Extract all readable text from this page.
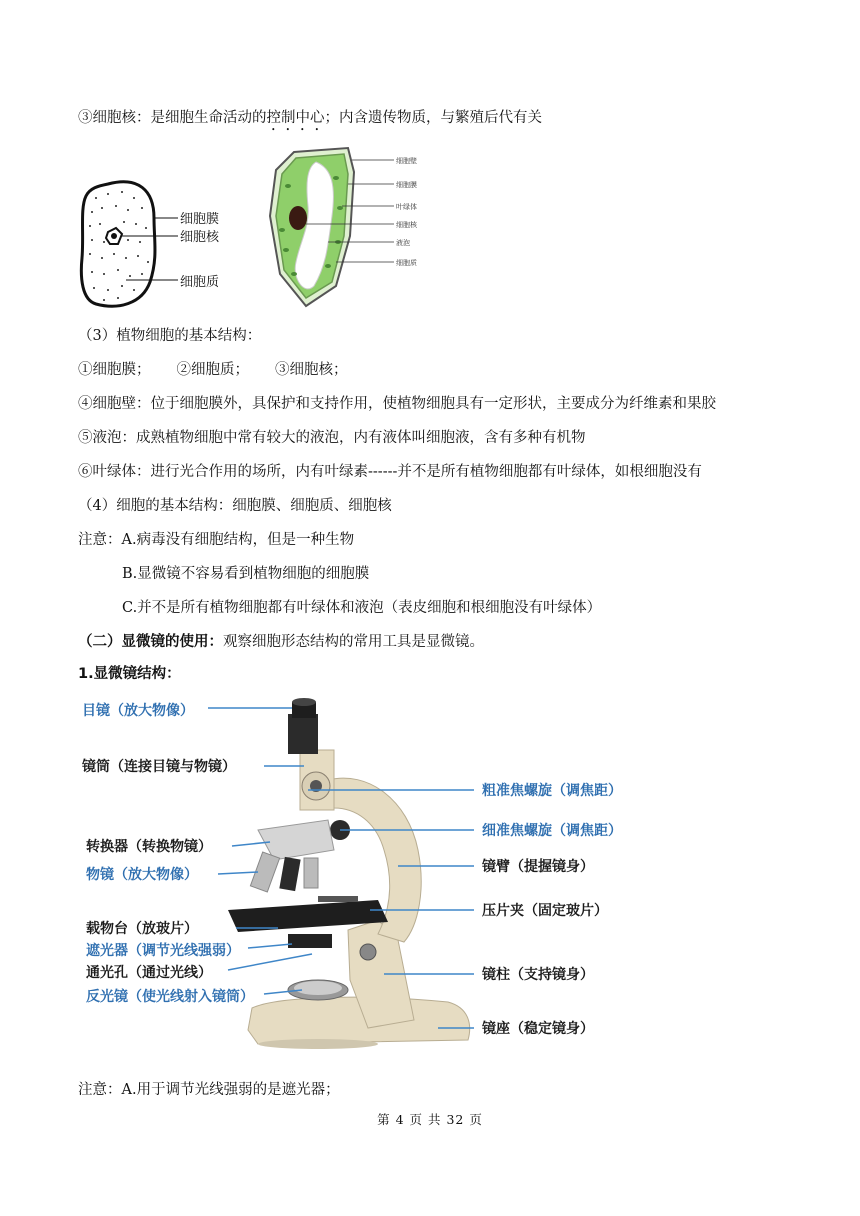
③细胞核：是细胞生命活动的控制中心；内含遗传物质，与繁殖后代有关
细胞膜
细胞核
细胞质
细胞壁
细胞膜
叶绿体
细胞核
液泡
细胞质
（3）植物细胞的基本结构：
①细胞膜； ②细胞质； ③细胞核；
④细胞壁：位于细胞膜外，具保护和支持作用，使植物细胞具有一定形状，主要成分为纤维素和果胶
⑤液泡：成熟植物细胞中常有较大的液泡，内有液体叫细胞液，含有多种有机物
⑥叶绿体：进行光合作用的场所，内有叶绿素------并不是所有植物细胞都有叶绿体，如根细胞没有
（4）细胞的基本结构：细胞膜、细胞质、细胞核
注意：A.病毒没有细胞结构，但是一种生物
B.显微镜不容易看到植物细胞的细胞膜
C.并不是所有植物细胞都有叶绿体和液泡（表皮细胞和根细胞没有叶绿体）
（二）显微镜的使用：观察细胞形态结构的常用工具是显微镜。
1.显微镜结构：
目镜（放大物像）
镜筒（连接目镜与物镜）
转换器（转换物镜）
物镜（放大物像）
载物台（放玻片）
遮光器（调节光线强弱）
通光孔（通过光线）
反光镜（使光线射入镜筒）
粗准焦螺旋（调焦距）
细准焦螺旋（调焦距）
镜臂（提握镜身）
压片夹（固定玻片）
镜柱（支持镜身）
镜座（稳定镜身）
注意：A.用于调节光线强弱的是遮光器；
第 4 页 共 32 页
